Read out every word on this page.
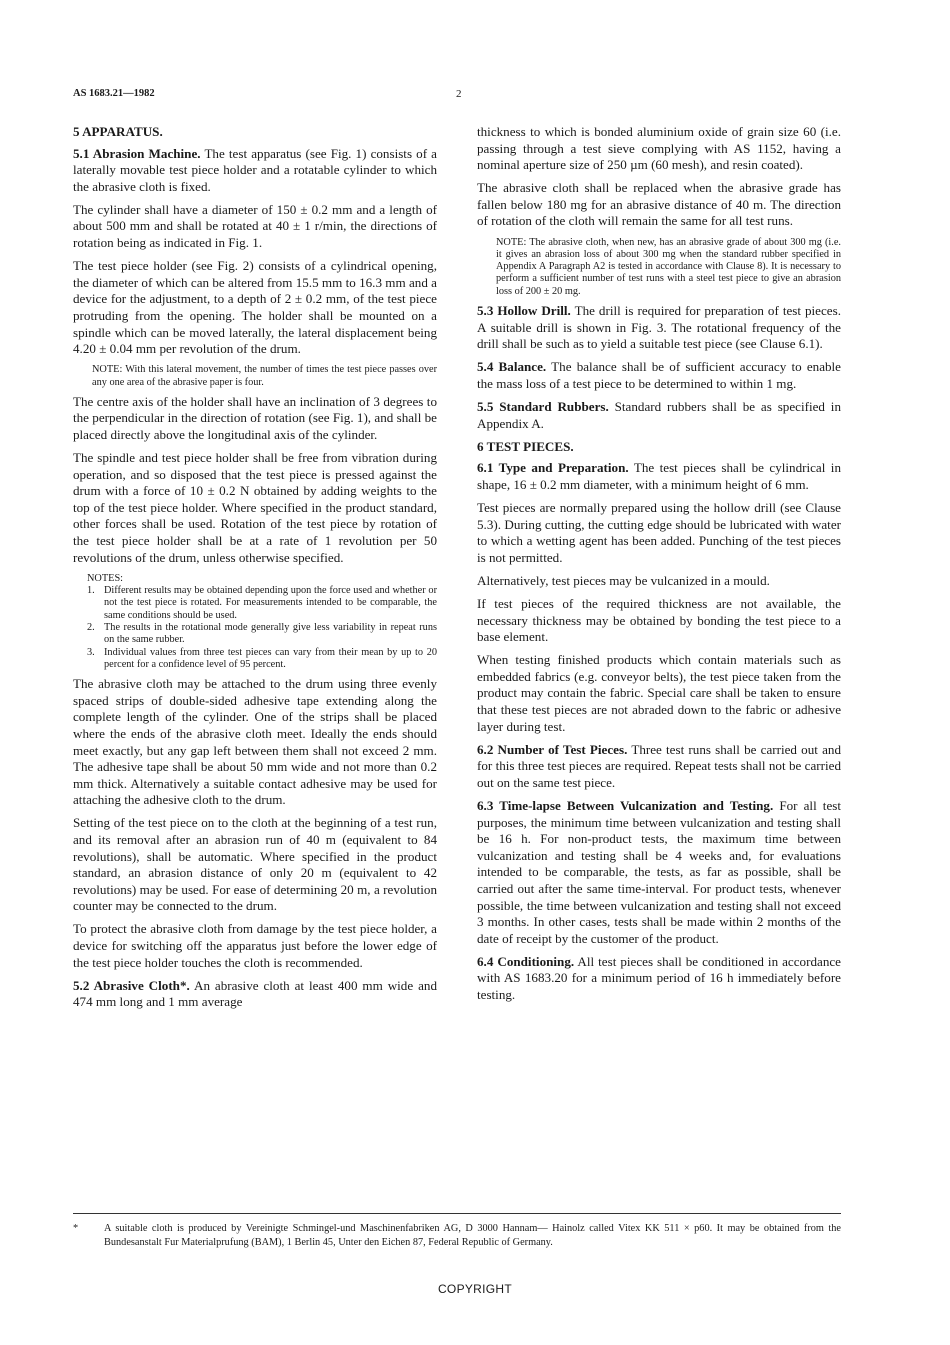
AS 1683.21—1982	2
5 APPARATUS.

5.1 Abrasion Machine. The test apparatus (see Fig. 1) consists of a laterally movable test piece holder and a rotatable cylinder to which the abrasive cloth is fixed.

The cylinder shall have a diameter of 150 ± 0.2 mm and a length of about 500 mm and shall be rotated at 40 ± 1 r/min, the directions of rotation being as indicated in Fig. 1.

The test piece holder (see Fig. 2) consists of a cylindrical opening, the diameter of which can be altered from 15.5 mm to 16.3 mm and a device for the adjustment, to a depth of 2 ± 0.2 mm, of the test piece protruding from the opening. The holder shall be mounted on a spindle which can be moved laterally, the lateral displacement being 4.20 ± 0.04 mm per revolution of the drum.

NOTE: With this lateral movement, the number of times the test piece passes over any one area of the abrasive paper is four.

The centre axis of the holder shall have an inclination of 3 degrees to the perpendicular in the direction of rotation (see Fig. 1), and shall be placed directly above the longitudinal axis of the cylinder.

The spindle and test piece holder shall be free from vibration during operation, and so disposed that the test piece is pressed against the drum with a force of 10 ± 0.2 N obtained by adding weights to the top of the test piece holder. Where specified in the product standard, other forces shall be used. Rotation of the test piece by rotation of the test piece holder shall be at a rate of 1 revolution per 50 revolutions of the drum, unless otherwise specified.

NOTES:
1. Different results may be obtained depending upon the force used and whether or not the test piece is rotated. For measurements intended to be comparable, the same conditions should be used.
2. The results in the rotational mode generally give less variability in repeat runs on the same rubber.
3. Individual values from three test pieces can vary from their mean by up to 20 percent for a confidence level of 95 percent.

The abrasive cloth may be attached to the drum using three evenly spaced strips of double-sided adhesive tape extending along the complete length of the cylinder. One of the strips shall be placed where the ends of the abrasive cloth meet. Ideally the ends should meet exactly, but any gap left between them shall not exceed 2 mm. The adhesive tape shall be about 50 mm wide and not more than 0.2 mm thick. Alternatively a suitable contact adhesive may be used for attaching the adhesive cloth to the drum.

Setting of the test piece on to the cloth at the beginning of a test run, and its removal after an abrasion run of 40 m (equivalent to 84 revolutions), shall be automatic. Where specified in the product standard, an abrasion distance of only 20 m (equivalent to 42 revolutions) may be used. For ease of determining 20 m, a revolution counter may be connected to the drum.

To protect the abrasive cloth from damage by the test piece holder, a device for switching off the apparatus just before the lower edge of the test piece holder touches the cloth is recommended.

5.2 Abrasive Cloth*. An abrasive cloth at least 400 mm wide and 474 mm long and 1 mm average

thickness to which is bonded aluminium oxide of grain size 60 (i.e. passing through a test sieve complying with AS 1152, having a nominal aperture size of 250 µm (60 mesh), and resin coated).

The abrasive cloth shall be replaced when the abrasive grade has fallen below 180 mg for an abrasive distance of 40 m. The direction of rotation of the cloth will remain the same for all test runs.

NOTE: The abrasive cloth, when new, has an abrasive grade of about 300 mg (i.e. it gives an abrasion loss of about 300 mg when the standard rubber specified in Appendix A Paragraph A2 is tested in accordance with Clause 8). It is necessary to perform a sufficient number of test runs with a steel test piece to give an abrasion loss of 200 ± 20 mg.

5.3 Hollow Drill. The drill is required for preparation of test pieces. A suitable drill is shown in Fig. 3. The rotational frequency of the drill shall be such as to yield a suitable test piece (see Clause 6.1).

5.4 Balance. The balance shall be of sufficient accuracy to enable the mass loss of a test piece to be determined to within 1 mg.

5.5 Standard Rubbers. Standard rubbers shall be as specified in Appendix A.

6 TEST PIECES.

6.1 Type and Preparation. The test pieces shall be cylindrical in shape, 16 ± 0.2 mm diameter, with a minimum height of 6 mm.

Test pieces are normally prepared using the hollow drill (see Clause 5.3). During cutting, the cutting edge should be lubricated with water to which a wetting agent has been added. Punching of the test pieces is not permitted.

Alternatively, test pieces may be vulcanized in a mould.

If test pieces of the required thickness are not available, the necessary thickness may be obtained by bonding the test piece to a base element.

When testing finished products which contain materials such as embedded fabrics (e.g. conveyor belts), the test piece taken from the product may contain the fabric. Special care shall be taken to ensure that these test pieces are not abraded down to the fabric or adhesive layer during test.

6.2 Number of Test Pieces. Three test runs shall be carried out and for this three test pieces are required. Repeat tests shall not be carried out on the same test piece.

6.3 Time-lapse Between Vulcanization and Testing. For all test purposes, the minimum time between vulcanization and testing shall be 16 h. For non-product tests, the maximum time between vulcanization and testing shall be 4 weeks and, for evaluations intended to be comparable, the tests, as far as possible, shall be carried out after the same time-interval. For product tests, whenever possible, the time between vulcanization and testing shall not exceed 3 months. In other cases, tests shall be made within 2 months of the date of receipt by the customer of the product.

6.4 Conditioning. All test pieces shall be conditioned in accordance with AS 1683.20 for a minimum period of 16 h immediately before testing.

*	A suitable cloth is produced by Vereinigte Schmingel-und Maschinenfabriken AG, D 3000 Hannam— Hainolz called Vitex KK 511 × p60. It may be obtained from the Bundesanstalt Fur Materialprufung (BAM), 1 Berlin 45, Unter den Eichen 87, Federal Republic of Germany.
COPYRIGHT
